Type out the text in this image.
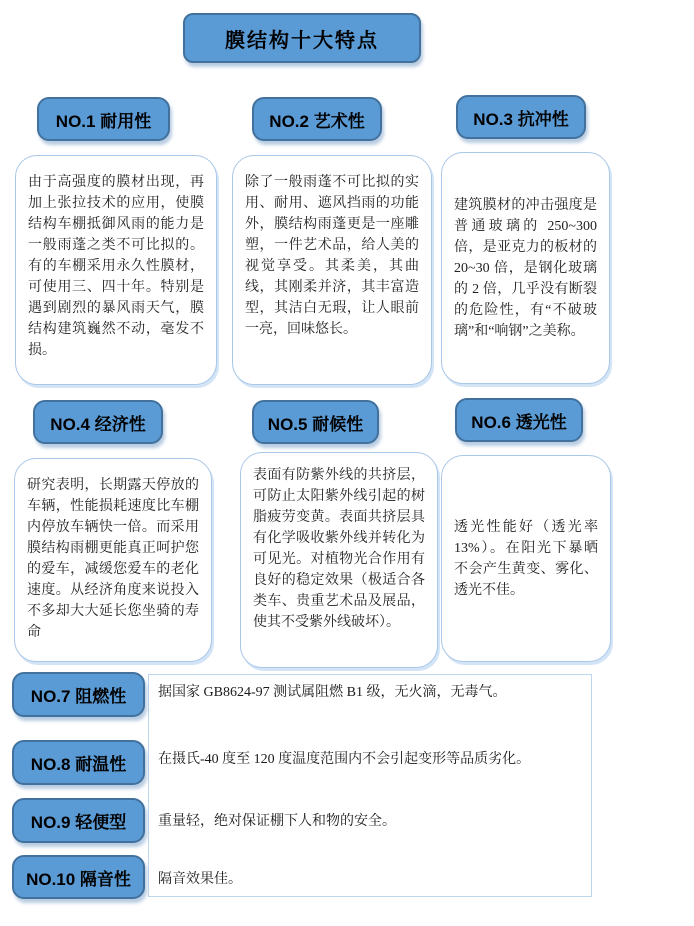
膜结构十大特点
NO.1 耐用性	NO.2 艺术性	NO.3 抗冲性
由于高强度的膜材出现，再加上张拉技术的应用，使膜结构车棚抵御风雨的能力是一般雨蓬之类不可比拟的。有的车棚采用永久性膜材，可使用三、四十年。特别是遇到剧烈的暴风雨天气，膜结构建筑巍然不动，毫发不损。
除了一般雨蓬不可比拟的实用、耐用、遮风挡雨的功能外，膜结构雨蓬更是一座雕塑，一件艺术品，给人美的视觉享受。其柔美，其曲线，其刚柔并济，其丰富造型，其洁白无瑕，让人眼前一亮，回味悠长。
建筑膜材的冲击强度是普通玻璃的 250~300 倍，是亚克力的板材的 20~30 倍，是钢化玻璃的 2 倍，几乎没有断裂的危险性，有“不破玻璃”和“响钢”之美称。
NO.4 经济性	NO.5 耐候性	NO.6 透光性
研究表明，长期露天停放的车辆，性能损耗速度比车棚内停放车辆快一倍。而采用膜结构雨棚更能真正呵护您的爱车，减缓您爱车的老化速度。从经济角度来说投入不多却大大延长您坐骑的寿命
表面有防紫外线的共挤层，可防止太阳紫外线引起的树脂疲劳变黄。表面共挤层具有化学吸收紫外线并转化为可见光。对植物光合作用有良好的稳定效果（极适合各类车、贵重艺术品及展品，使其不受紫外线破坏）。
透光性能好（透光率 13%）。在阳光下暴晒不会产生黄变、雾化、透光不佳。
NO.7 阻燃性
NO.8 耐温性
NO.9 轻便型
NO.10 隔音性
据国家 GB8624-97 测试属阻燃 B1 级，无火滴，无毒气。
在摄氏-40 度至 120 度温度范围内不会引起变形等品质劣化。
重量轻，绝对保证棚下人和物的安全。
隔音效果佳。
